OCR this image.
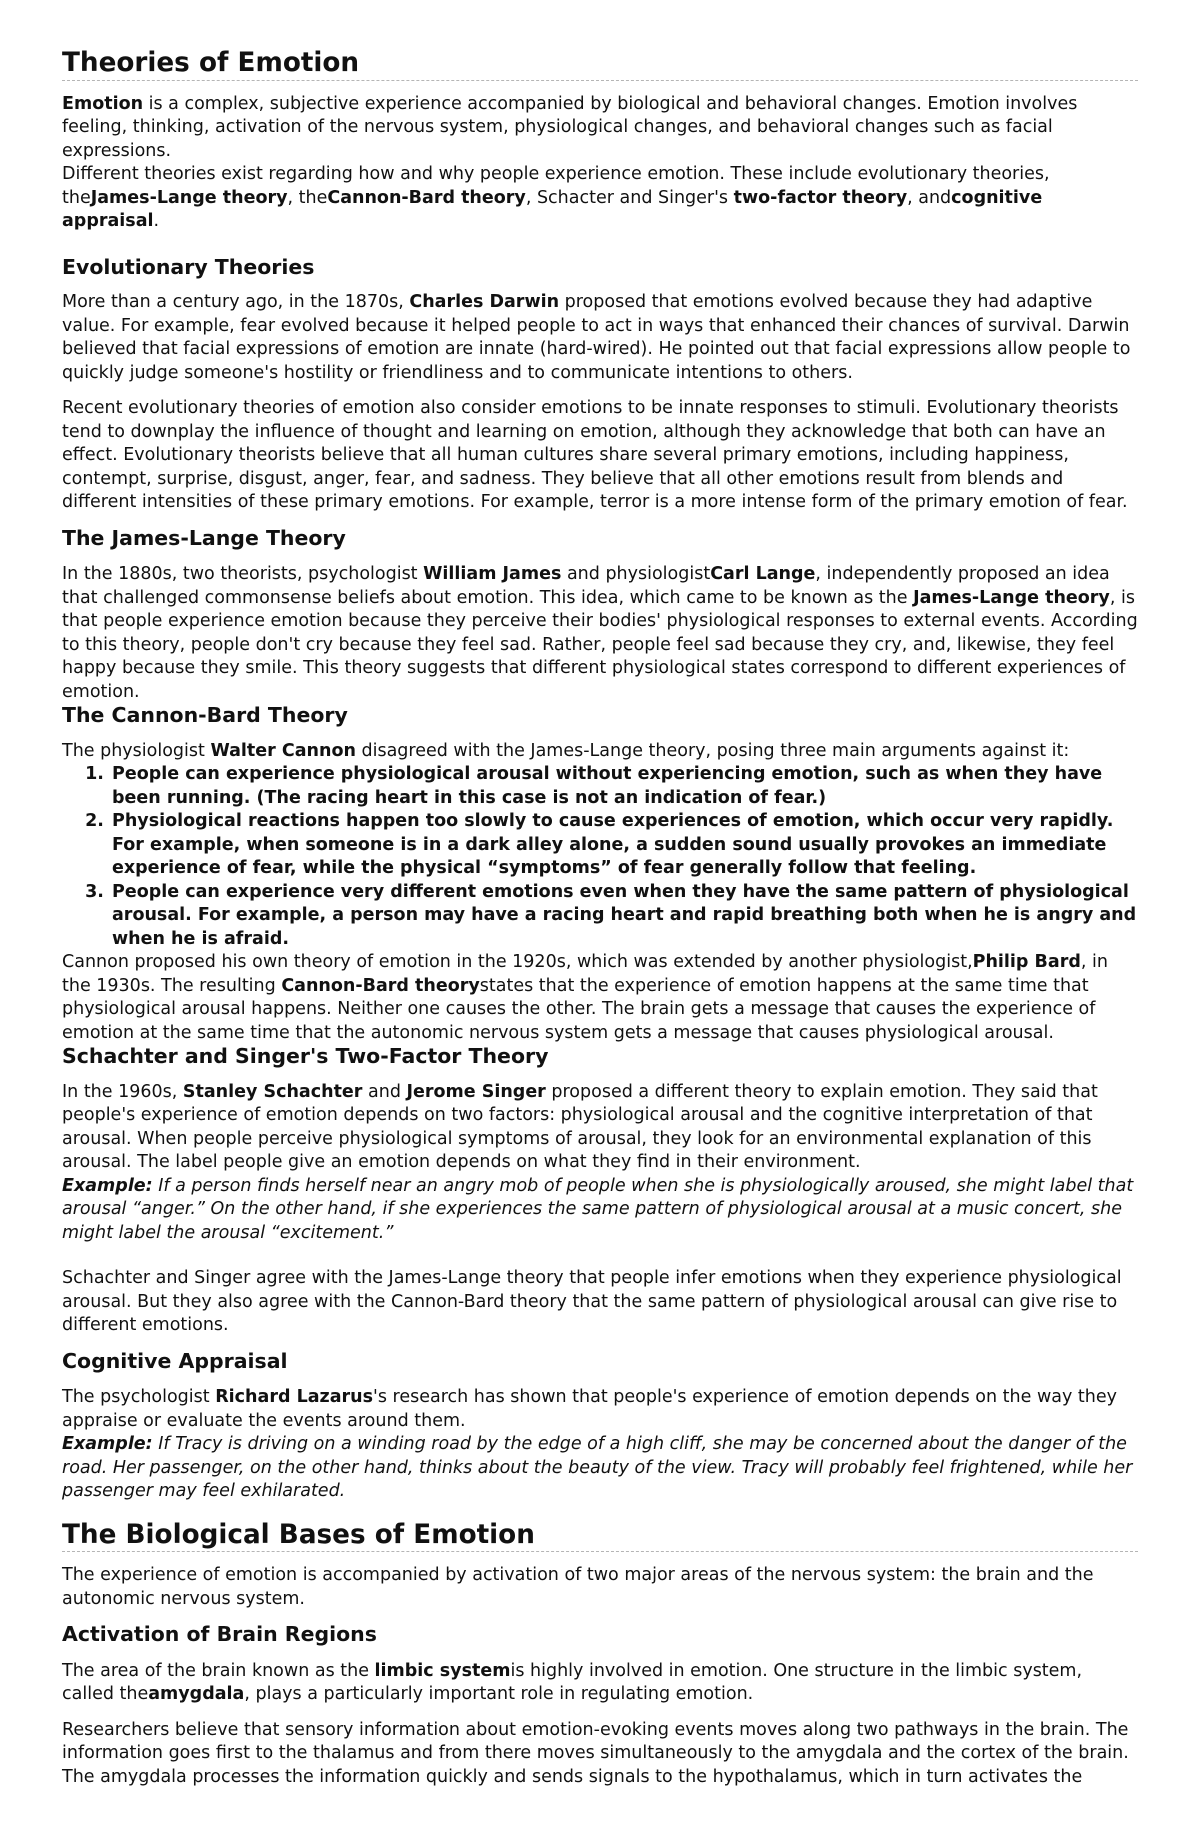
Theories of Emotion

Emotion is a complex, subjective experience accompanied by biological and behavioral changes. Emotion involves feeling, thinking, activation of the nervous system, physiological changes, and behavioral changes such as facial expressions.

Different theories exist regarding how and why people experience emotion. These include evolutionary theories, theJames-Lange theory, theCannon-Bard theory, Schacter and Singer's two-factor theory, andcognitive appraisal.

Evolutionary Theories

More than a century ago, in the 1870s, Charles Darwin proposed that emotions evolved because they had adaptive value. For example, fear evolved because it helped people to act in ways that enhanced their chances of survival. Darwin believed that facial expressions of emotion are innate (hard-wired). He pointed out that facial expressions allow people to quickly judge someone's hostility or friendliness and to communicate intentions to others.

Recent evolutionary theories of emotion also consider emotions to be innate responses to stimuli. Evolutionary theorists tend to downplay the influence of thought and learning on emotion, although they acknowledge that both can have an effect. Evolutionary theorists believe that all human cultures share several primary emotions, including happiness, contempt, surprise, disgust, anger, fear, and sadness. They believe that all other emotions result from blends and different intensities of these primary emotions. For example, terror is a more intense form of the primary emotion of fear.

The James-Lange Theory

In the 1880s, two theorists, psychologist William James and physiologistCarl Lange, independently proposed an idea that challenged commonsense beliefs about emotion. This idea, which came to be known as the James-Lange theory, is that people experience emotion because they perceive their bodies' physiological responses to external events. According to this theory, people don't cry because they feel sad. Rather, people feel sad because they cry, and, likewise, they feel happy because they smile. This theory suggests that different physiological states correspond to different experiences of emotion.

The Cannon-Bard Theory

The physiologist Walter Cannon disagreed with the James-Lange theory, posing three main arguments against it:

1. People can experience physiological arousal without experiencing emotion, such as when they have been running. (The racing heart in this case is not an indication of fear.)
2. Physiological reactions happen too slowly to cause experiences of emotion, which occur very rapidly. For example, when someone is in a dark alley alone, a sudden sound usually provokes an immediate experience of fear, while the physical “symptoms” of fear generally follow that feeling.
3. People can experience very different emotions even when they have the same pattern of physiological arousal. For example, a person may have a racing heart and rapid breathing both when he is angry and when he is afraid.

Cannon proposed his own theory of emotion in the 1920s, which was extended by another physiologist,Philip Bard, in the 1930s. The resulting Cannon-Bard theorystates that the experience of emotion happens at the same time that physiological arousal happens. Neither one causes the other. The brain gets a message that causes the experience of emotion at the same time that the autonomic nervous system gets a message that causes physiological arousal.

Schachter and Singer's Two-Factor Theory

In the 1960s, Stanley Schachter and Jerome Singer proposed a different theory to explain emotion. They said that people's experience of emotion depends on two factors: physiological arousal and the cognitive interpretation of that arousal. When people perceive physiological symptoms of arousal, they look for an environmental explanation of this arousal. The label people give an emotion depends on what they find in their environment.

Example: If a person finds herself near an angry mob of people when she is physiologically aroused, she might label that arousal “anger.” On the other hand, if she experiences the same pattern of physiological arousal at a music concert, she might label the arousal “excitement.”

Schachter and Singer agree with the James-Lange theory that people infer emotions when they experience physiological arousal. But they also agree with the Cannon-Bard theory that the same pattern of physiological arousal can give rise to different emotions.

Cognitive Appraisal

The psychologist Richard Lazarus's research has shown that people's experience of emotion depends on the way they appraise or evaluate the events around them.

Example: If Tracy is driving on a winding road by the edge of a high cliff, she may be concerned about the danger of the road. Her passenger, on the other hand, thinks about the beauty of the view. Tracy will probably feel frightened, while her passenger may feel exhilarated.

The Biological Bases of Emotion

The experience of emotion is accompanied by activation of two major areas of the nervous system: the brain and the autonomic nervous system.

Activation of Brain Regions

The area of the brain known as the limbic systemis highly involved in emotion. One structure in the limbic system, called theamygdala, plays a particularly important role in regulating emotion.

Researchers believe that sensory information about emotion-evoking events moves along two pathways in the brain. The information goes first to the thalamus and from there moves simultaneously to the amygdala and the cortex of the brain. The amygdala processes the information quickly and sends signals to the hypothalamus, which in turn activates the
